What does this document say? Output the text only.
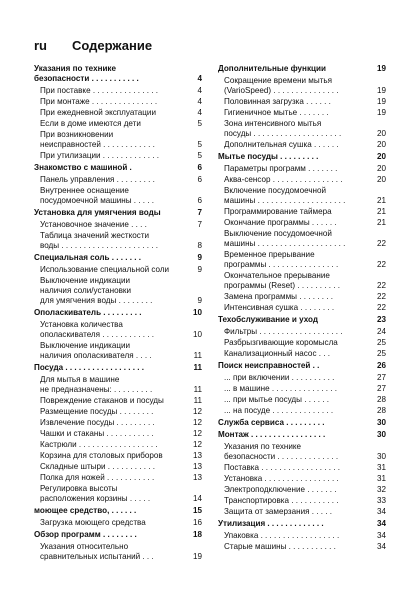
ru	Содержание
Указания по технике
безопасности . . . . . . . . . . .	4
При поставке . . . . . . . . . . . . . . .	4
При монтаже . . . . . . . . . . . . . . .	4
При ежедневной эксплуатации	4
Если в доме имеются дети	5
При возникновении
неисправностей . . . . . . . . . . . .	5
При утилизации . . . . . . . . . . . . .	5
Знакомство с машиной .	6
Панель управления . . . . . . . . .	6
Внутреннее оснащение
посудомоечной машины . . . . .	6
Установка для умягчения воды	7
Установочное значение . . . .	7
Таблица значений жесткости
воды . . . . . . . . . . . . . . . . . . . . . .	8
Специальная соль . . . . . . .	9
Использование специальной соли	9
Выключение индикации
наличия соли/установки
для умягчения воды . . . . . . . .	9
Ополаскиватель . . . . . . . . .	10
Установка количества
ополаскивателя . . . . . . . . . . . .	10
Выключение индикации
наличия ополаскивателя . . . .	11
Посуда . . . . . . . . . . . . . . . . . .	11
Для мытья в машине
не предназначены: . . . . . . . . .	11
Повреждение стаканов и посуды	11
Размещение посуды . . . . . . . .	12
Извлечение посуды . . . . . . . . .	12
Чашки и стаканы . . . . . . . . . . .	12
Кастрюли . . . . . . . . . . . . . . . . . .	12
Корзина для столовых приборов	13
Складные штыри . . . . . . . . . . .	13
Полка для ножей . . . . . . . . . . .	13
Регулировка высоты
расположения корзины . . . . .	14
моющее средство, . . . . . .	15
Загрузка моющего средства	16
Обзор программ . . . . . . . .	18
Указания относительно
сравнительных испытаний . . .	19
Дополнительные функции	19
Сокращение времени мытья
(VarioSpeed) . . . . . . . . . . . . . . .	19
Половинная загрузка . . . . . .	19
Гигиеничное мытье . . . . . . .	19
Зона интенсивного мытья
посуды . . . . . . . . . . . . . . . . . . . .	20
Дополнительная сушка . . . . . .	20
Мытье посуды . . . . . . . . .	20
Параметры программ . . . . . . .	20
Аква-сенсор . . . . . . . . . . . . . . . .	20
Включение посудомоечной
машины . . . . . . . . . . . . . . . . . . . .	21
Программирование таймера	21
Окончание программы . . . . . .	21
Выключение посудомоечной
машины . . . . . . . . . . . . . . . . . . . .	22
Временное прерывание
программы . . . . . . . . . . . . . . . .	22
Окончательное прерывание
программы (Reset) . . . . . . . . . .	22
Замена программы . . . . . . . .	22
Интенсивная сушка . . . . . . . .	22
Техобслуживание и уход	23
Фильтры . . . . . . . . . . . . . . . . . . .	24
Разбрызгивающие коромысла	25
Канализационный насос . . .	25
Поиск неисправностей . .	26
... при включении . . . . . . . . . .	27
... в машине . . . . . . . . . . . . . . .	27
... при мытье посуды . . . . . .	28
... на посуде . . . . . . . . . . . . . .	28
Служба сервиса . . . . . . . . .	30
Монтаж . . . . . . . . . . . . . . . . .	30
Указания по технике
безопасности . . . . . . . . . . . . . .	30
Поставка . . . . . . . . . . . . . . . . . .	31
Установка . . . . . . . . . . . . . . . . .	31
Электроподключение . . . . . . .	32
Транспортировка . . . . . . . . . . .	33
Защита от замерзания . . . . .	34
Утилизация . . . . . . . . . . . . .	34
Упаковка . . . . . . . . . . . . . . . . . .	34
Старые машины . . . . . . . . . . .	34
